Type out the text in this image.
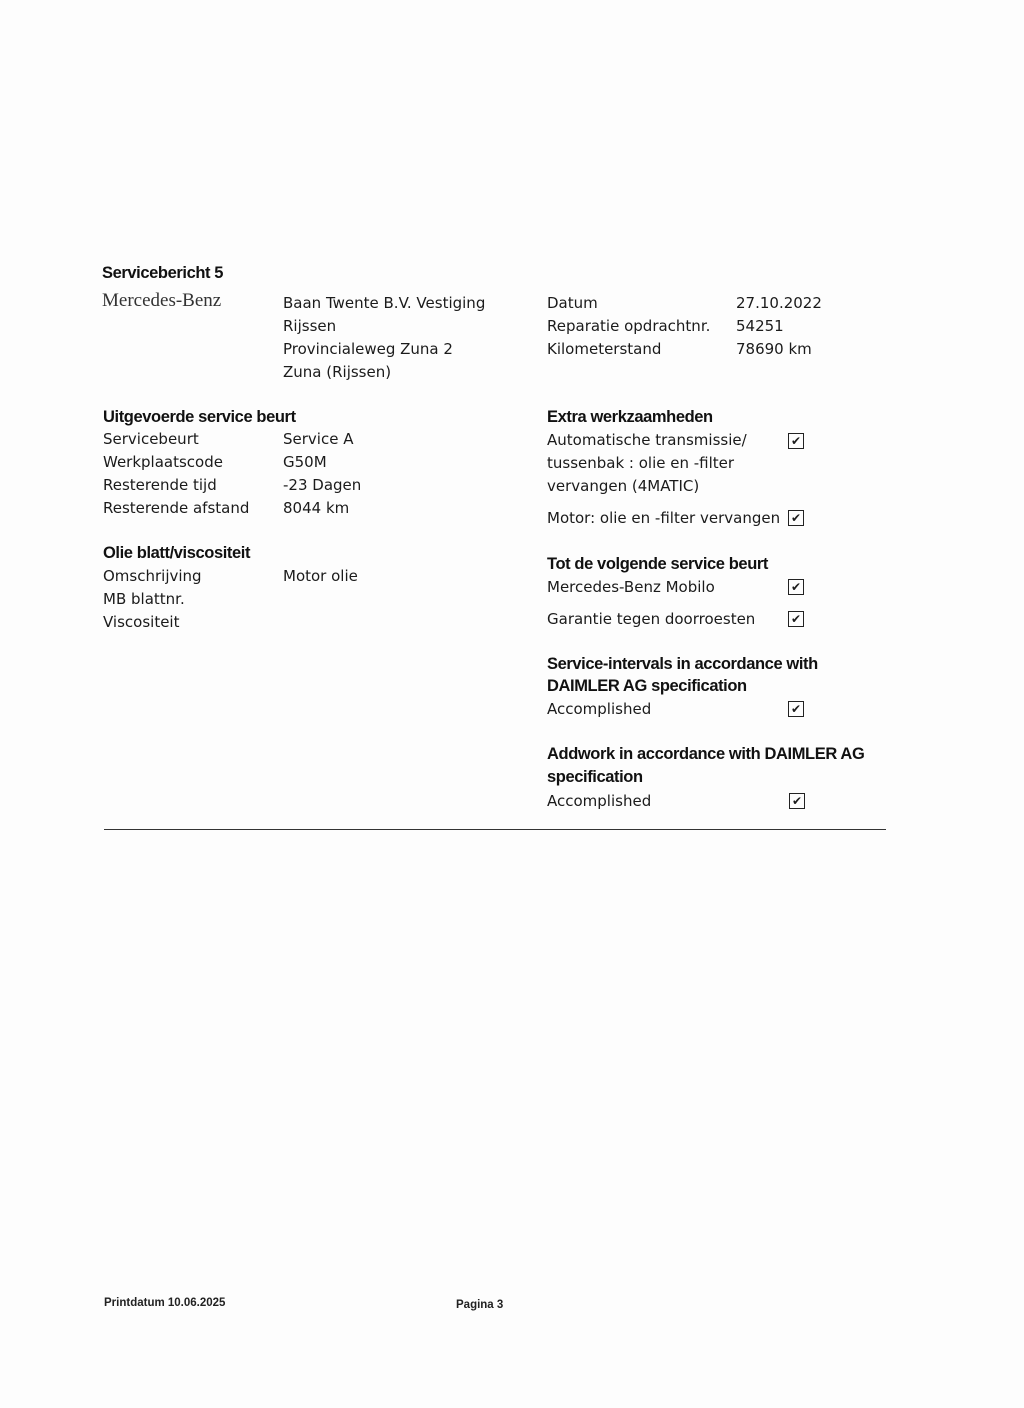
Servicebericht 5
Mercedes-Benz	Baan Twente B.V. Vestiging
Rijssen
Provincialeweg Zuna 2
Zuna (Rijssen)
Datum	27.10.2022
Reparatie opdrachtnr. 54251
Kilometerstand	78690 km
Uitgevoerde service beurt
Servicebeurt	Service A
Werkplaatscode	G50M
Resterende tijd	-23 Dagen
Resterende afstand 8044 km
Olie blatt/viscositeit
Omschrijving	Motor olie
MB blattnr.
Viscositeit
Extra werkzaamheden
Automatische transmissie/
tussenbak : olie en -filter
vervangen (4MATIC)
✔
Motor: olie en -filter vervangen ✔
Tot de volgende service beurt
Mercedes-Benz Mobilo	✔
Garantie tegen doorroesten	✔
Service-intervals in accordance with
DAIMLER AG specification
Accomplished	✔
Addwork in accordance with DAIMLER AG
specification
Accomplished	✔
Printdatum 10.06.2025	Pagina 3
